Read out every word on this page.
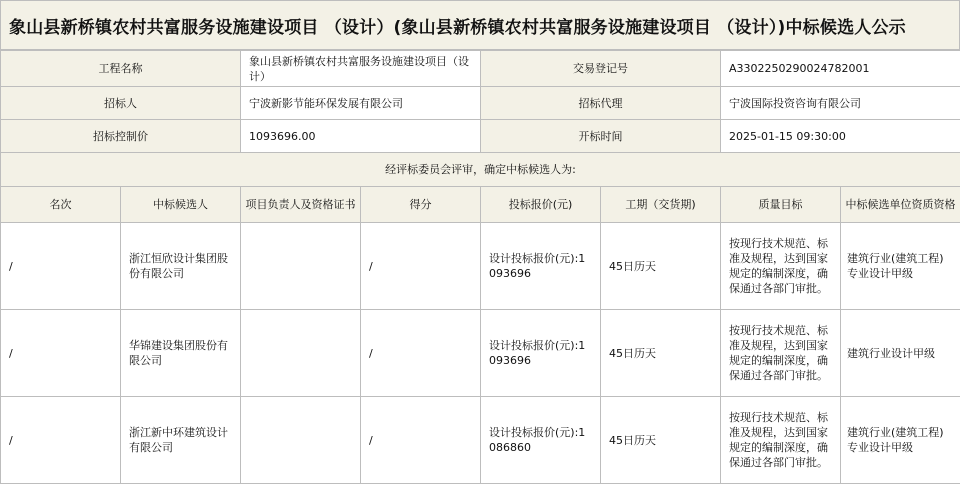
象山县新桥镇农村共富服务设施建设项目 （设计）(象山县新桥镇农村共富服务设施建设项目 （设计）)中标候选人公示
工程名称		象山县新桥镇农村共富服务设施建设项目（设计）		交易登记号		A3302250290024782001	
招标人		宁波新影节能环保发展有限公司		招标代理		宁波国际投资咨询有限公司	
招标控制价		1093696.00		开标时间		2025-01-15 09:30:00	
经评标委员会评审，确定中标候选人为:							
名次	中标候选人	项目负责人及资格证书	得分	投标报价(元)	工期（交货期)	质量目标	中标候选单位资质资格
/	浙江恒欣设计集团股份有限公司		/	设计投标报价(元):1093696	45日历天	按现行技术规范、标准及规程，达到国家规定的编制深度，确保通过各部门审批。	建筑行业(建筑工程)专业设计甲级
/	华锦建设集团股份有限公司		/	设计投标报价(元):1093696	45日历天	按现行技术规范、标准及规程，达到国家规定的编制深度，确保通过各部门审批。	建筑行业设计甲级
/	浙江新中环建筑设计有限公司		/	设计投标报价(元):1086860	45日历天	按现行技术规范、标准及规程，达到国家规定的编制深度，确保通过各部门审批。	建筑行业(建筑工程)专业设计甲级
